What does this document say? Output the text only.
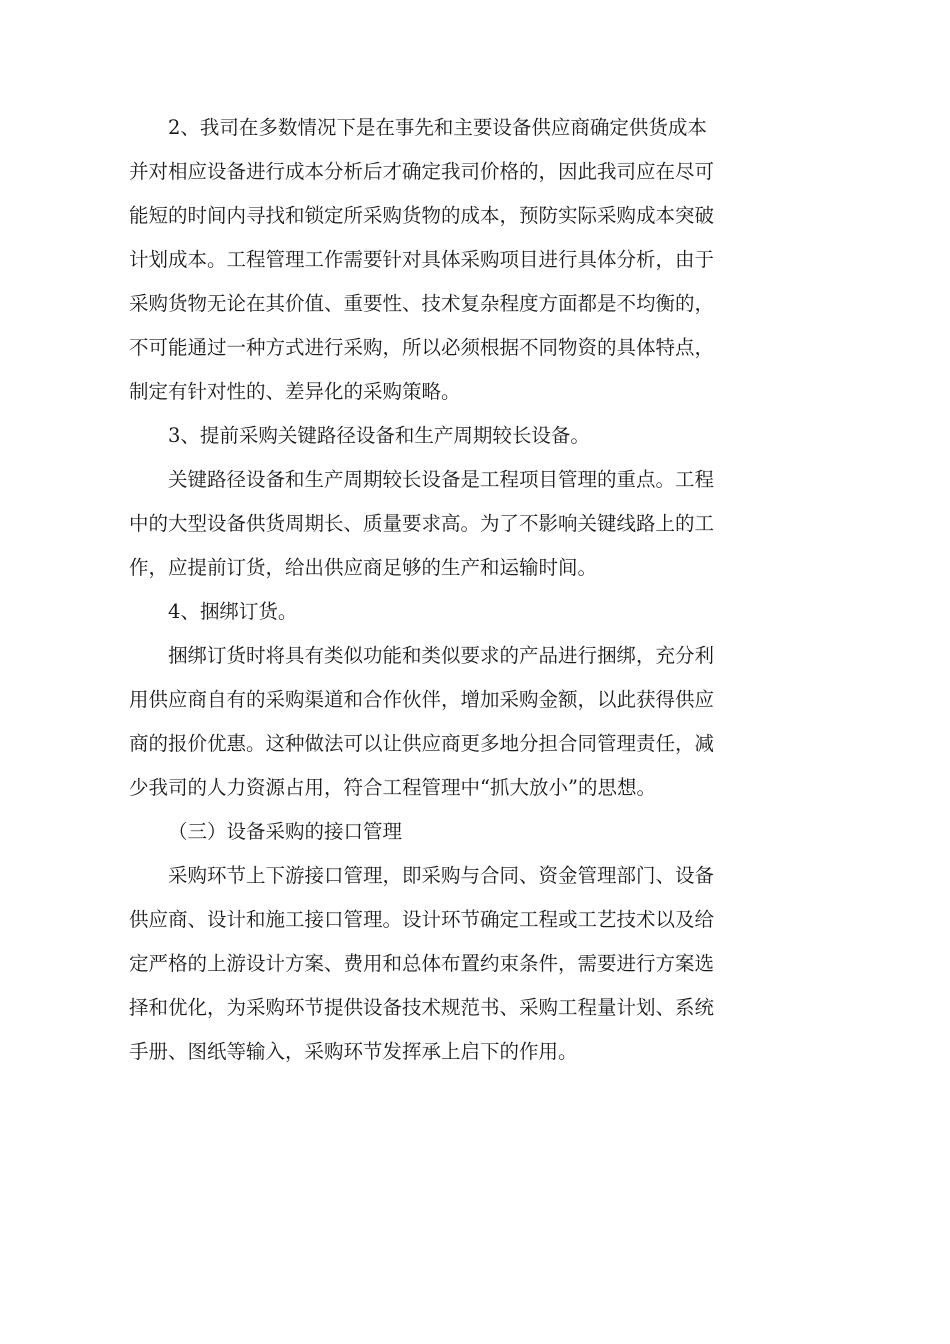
2、我司在多数情况下是在事先和主要设备供应商确定供货成本
并对相应设备进行成本分析后才确定我司价格的，因此我司应在尽可
能短的时间内寻找和锁定所采购货物的成本，预防实际采购成本突破
计划成本。工程管理工作需要针对具体采购项目进行具体分析，由于
采购货物无论在其价值、重要性、技术复杂程度方面都是不均衡的，
不可能通过一种方式进行采购，所以必须根据不同物资的具体特点，
制定有针对性的、差异化的采购策略。

3、提前采购关键路径设备和生产周期较长设备。

关键路径设备和生产周期较长设备是工程项目管理的重点。工程
中的大型设备供货周期长、质量要求高。为了不影响关键线路上的工
作，应提前订货，给出供应商足够的生产和运输时间。

4、捆绑订货。

捆绑订货时将具有类似功能和类似要求的产品进行捆绑，充分利
用供应商自有的采购渠道和合作伙伴，增加采购金额，以此获得供应
商的报价优惠。这种做法可以让供应商更多地分担合同管理责任，减
少我司的人力资源占用，符合工程管理中“抓大放小”的思想。

（三）设备采购的接口管理

采购环节上下游接口管理，即采购与合同、资金管理部门、设备
供应商、设计和施工接口管理。设计环节确定工程或工艺技术以及给
定严格的上游设计方案、费用和总体布置约束条件，需要进行方案选
择和优化，为采购环节提供设备技术规范书、采购工程量计划、系统
手册、图纸等输入，采购环节发挥承上启下的作用。
